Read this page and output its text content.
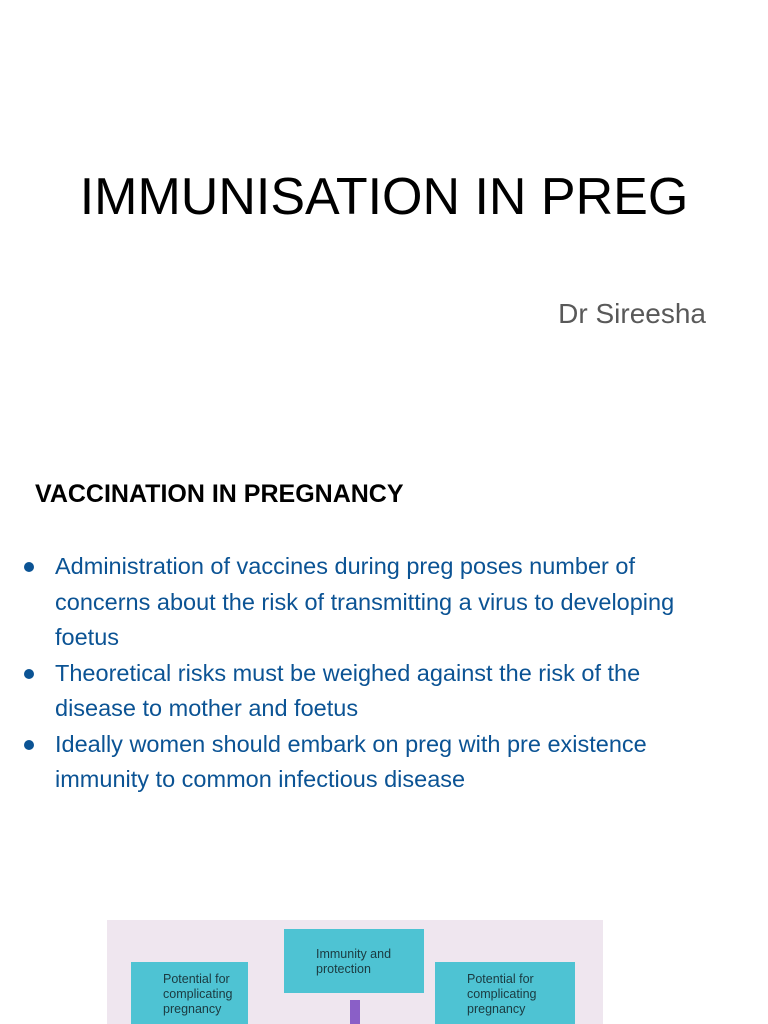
IMMUNISATION IN PREG
Dr Sireesha
VACCINATION IN PREGNANCY
Administration of vaccines during preg poses number of concerns about the risk of transmitting a virus to developing foetus
Theoretical risks must be weighed against the risk of the disease to mother and foetus
Ideally women should embark on preg with pre existence immunity to common infectious disease
Potential for complicating pregnancy
Immunity and protection
Potential for complicating pregnancy
